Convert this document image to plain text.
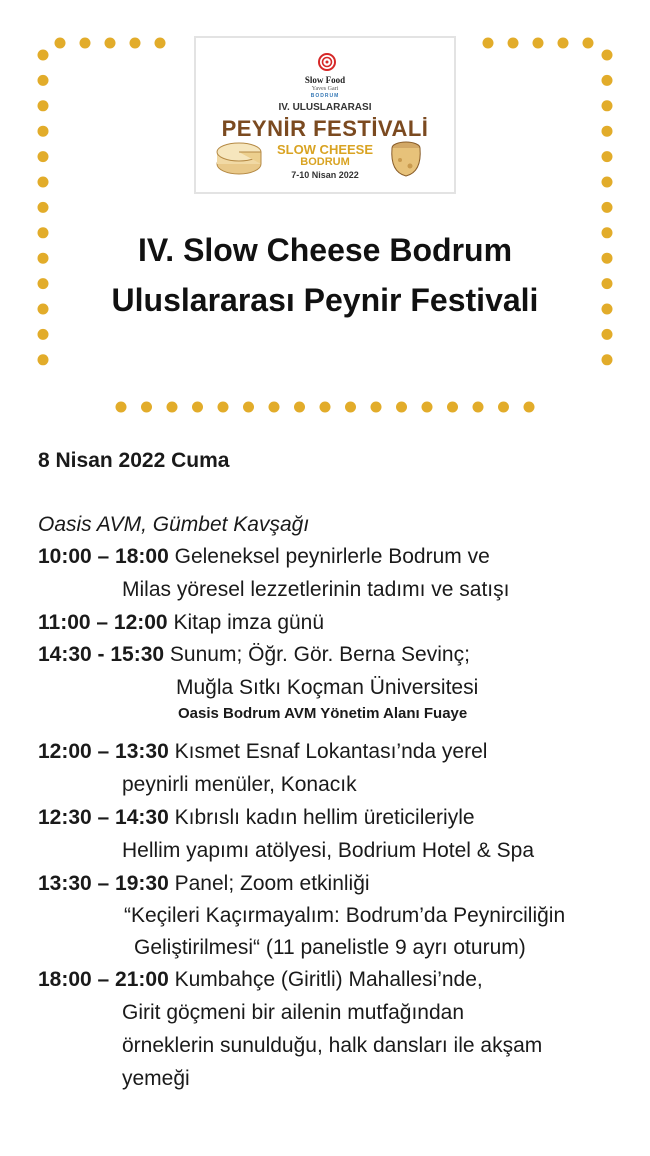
Slow Food
Yaves Gari
BODRUM
IV. ULUSLARARASI
PEYNİR FESTİVALİ
SLOW CHEESE
BODRUM
7-10 Nisan 2022
IV. Slow Cheese Bodrum
Uluslararası Peynir Festivali
8 Nisan 2022 Cuma
Oasis AVM, Gümbet Kavşağı
10:00 – 18:00 Geleneksel peynirlerle Bodrum ve
Milas yöresel lezzetlerinin tadımı ve satışı
11:00 – 12:00 Kitap imza günü
14:30 - 15:30 Sunum; Öğr. Gör. Berna Sevinç;
Muğla Sıtkı Koçman Üniversitesi
Oasis Bodrum AVM Yönetim Alanı Fuaye
12:00 – 13:30 Kısmet Esnaf Lokantası’nda yerel
peynirli menüler, Konacık
12:30 – 14:30 Kıbrıslı kadın hellim üreticileriyle
Hellim yapımı atölyesi, Bodrium Hotel & Spa
13:30 – 19:30 Panel; Zoom etkinliği
“Keçileri Kaçırmayalım: Bodrum’da Peynirciliğin
Geliştirilmesi“ (11 panelistle 9 ayrı oturum)
18:00 – 21:00 Kumbahçe (Giritli) Mahallesi’nde,
Girit göçmeni bir ailenin mutfağından
örneklerin sunulduğu, halk dansları ile akşam
yemeği
